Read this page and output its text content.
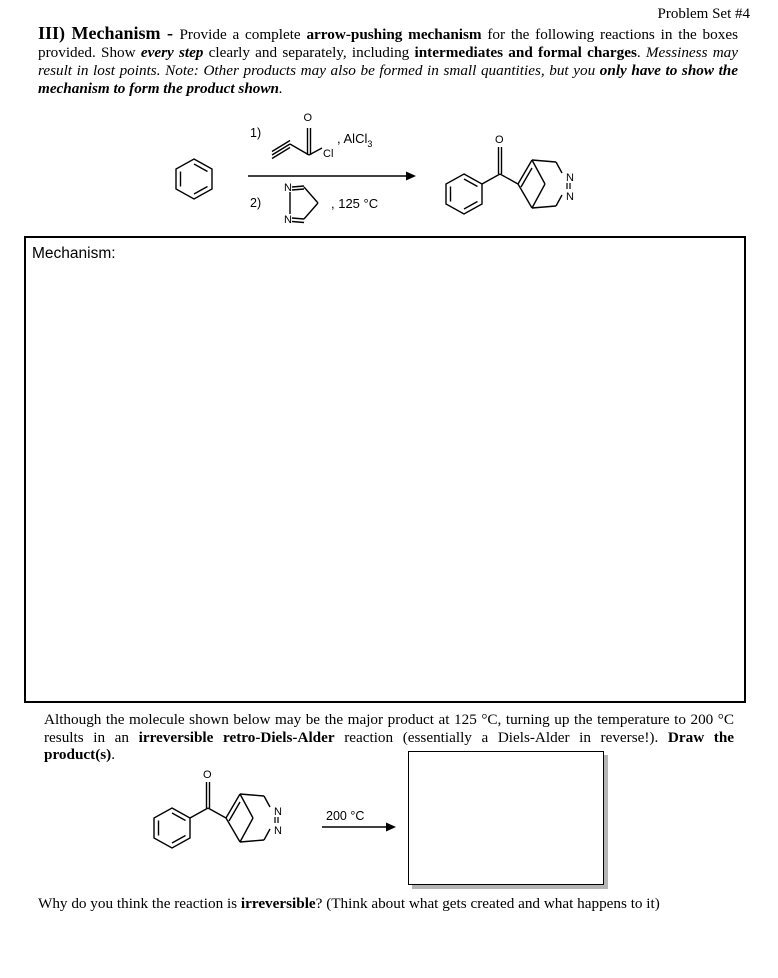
Problem Set #4
III) Mechanism - Provide a complete arrow-pushing mechanism for the following reactions in the boxes provided. Show every step clearly and separately, including intermediates and formal charges. Messiness may result in lost points. Note: Other products may also be formed in small quantities, but you only have to show the mechanism to form the product shown.
1)
O
Cl
, AlCl$_3$
2)
N
N
, 125 °C
O
N
N
Mechanism:
Although the molecule shown below may be the major product at 125 °C, turning up the temperature to 200 °C results in an irreversible retro-Diels-Alder reaction (essentially a Diels-Alder in reverse!). Draw the product(s).
O
N
N
200 °C
Why do you think the reaction is irreversible? (Think about what gets created and what happens to it)
